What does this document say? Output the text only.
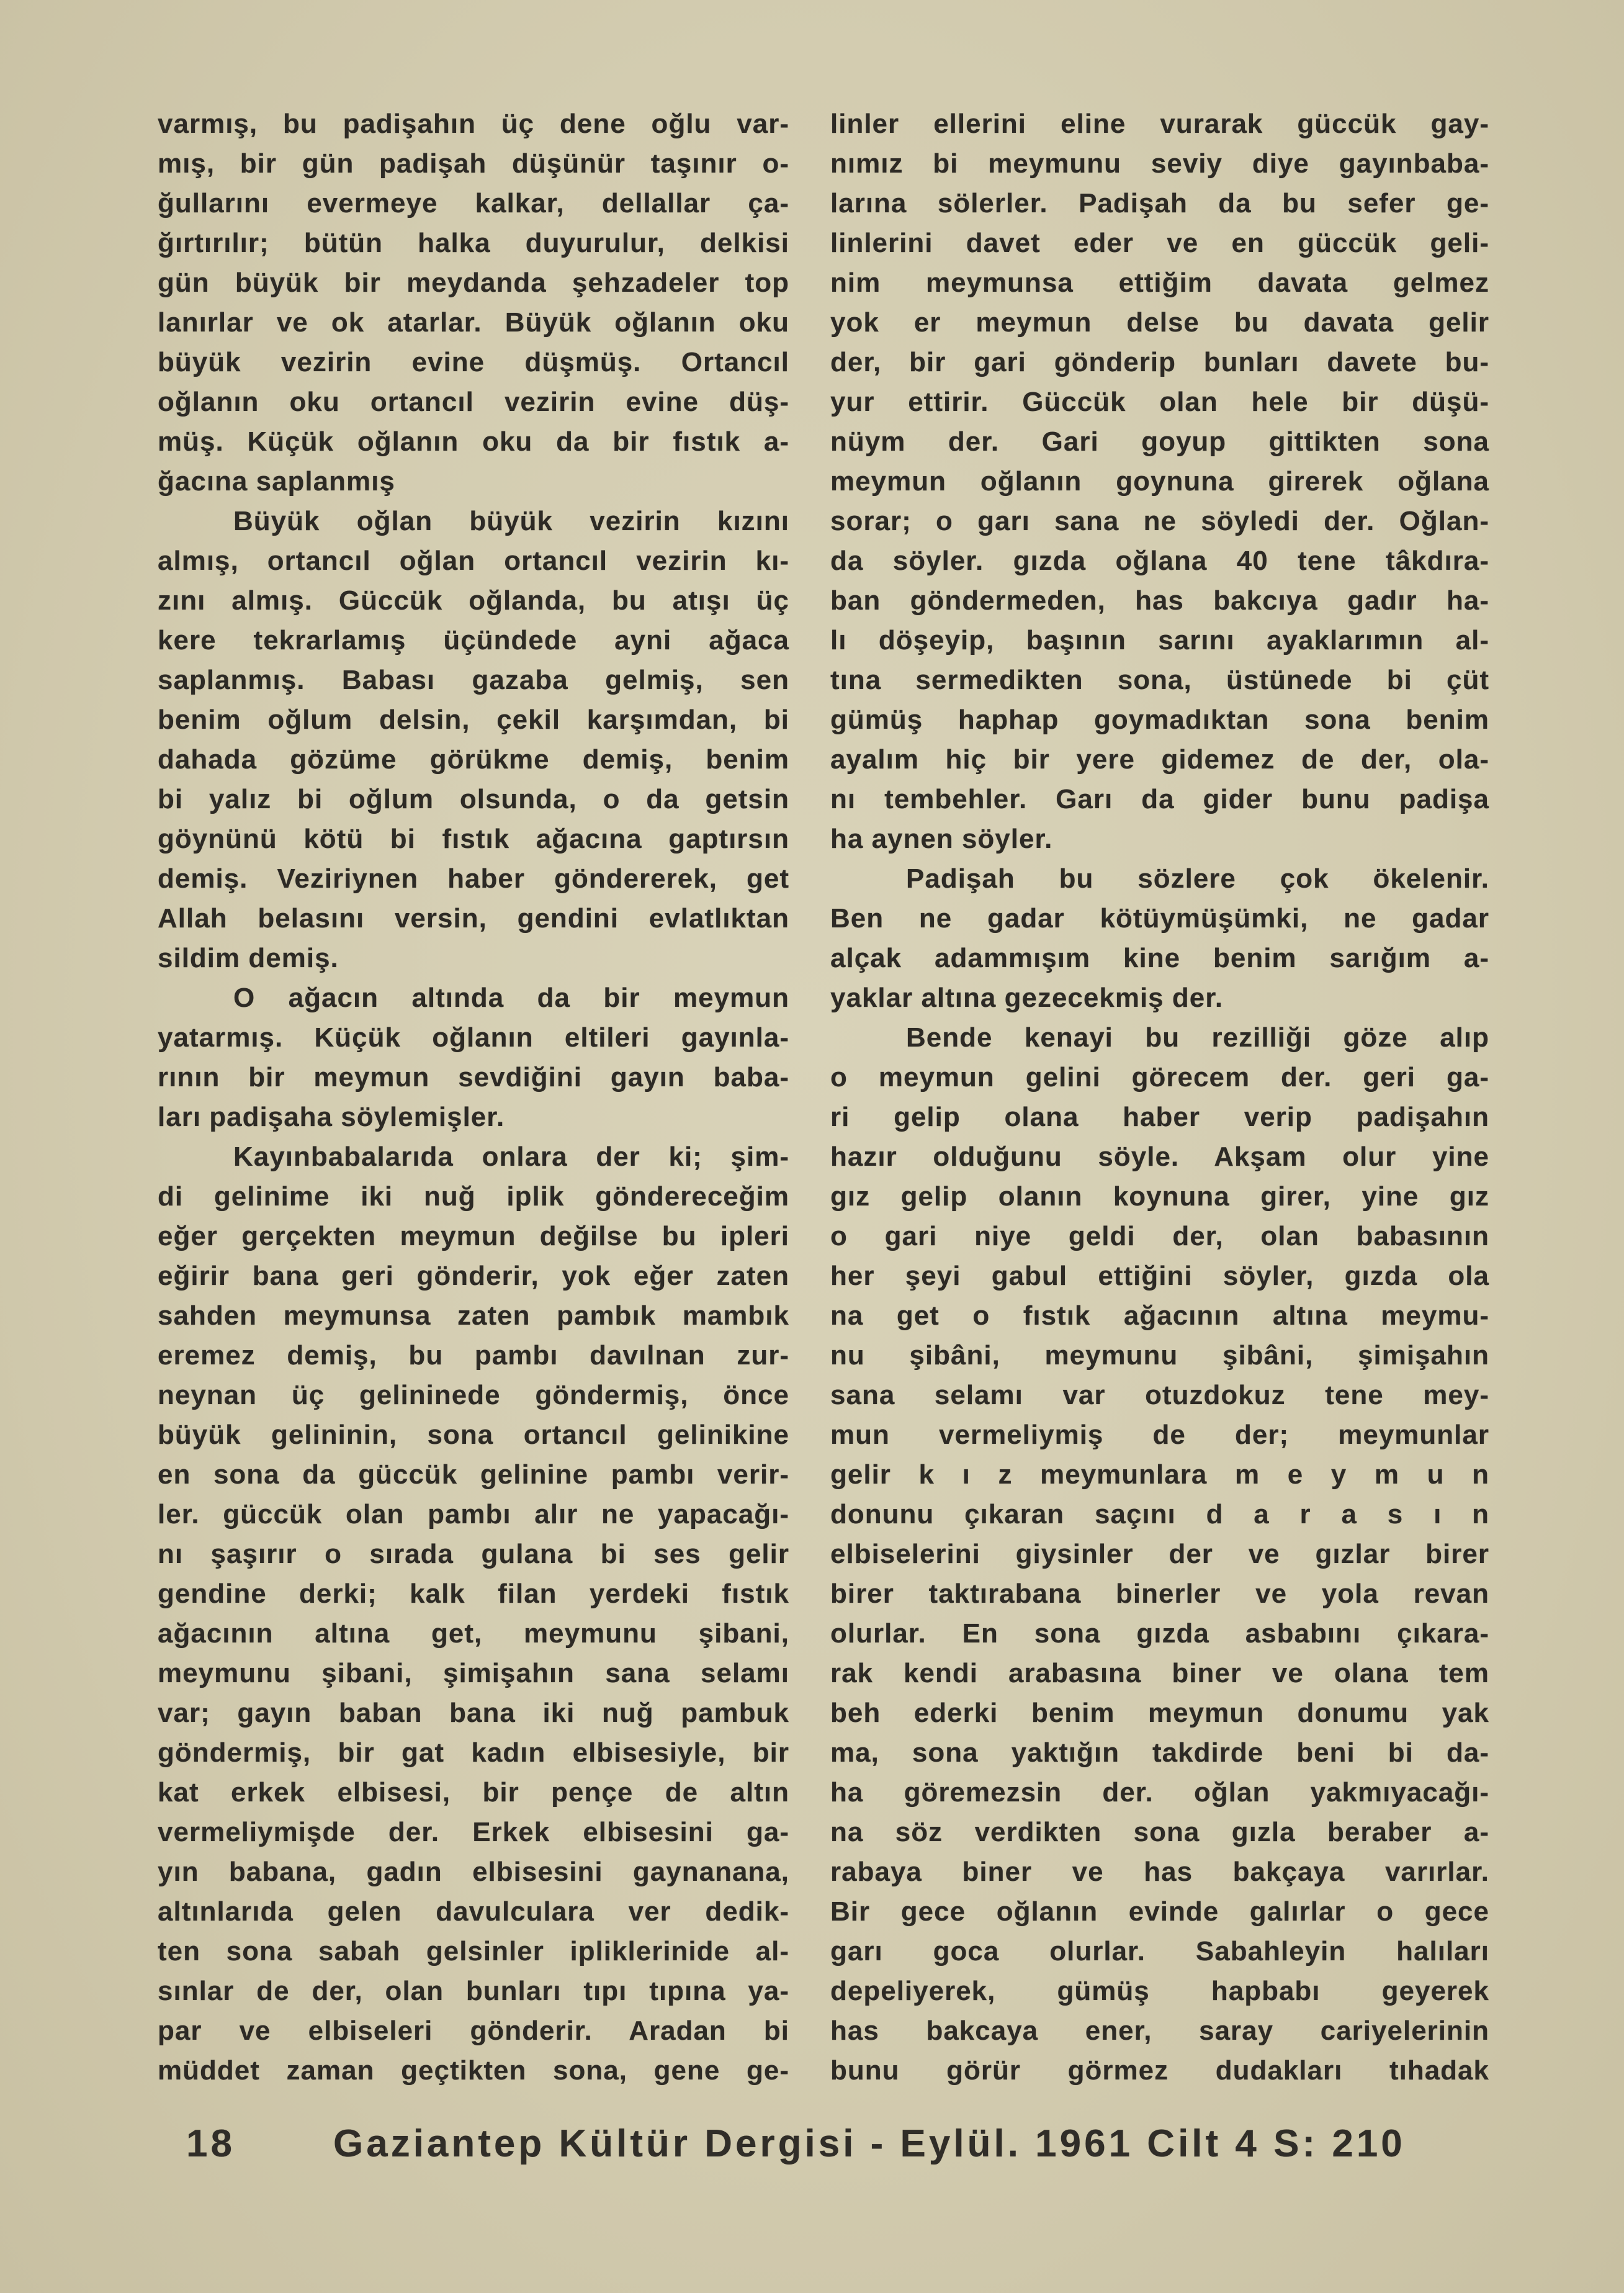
varmış, bu padişahın üç dene oğlu var-
mış, bir gün padişah düşünür taşınır o-
ğullarını evermeye kalkar, dellallar ça-
ğırtırılır; bütün halka duyurulur, delkisi
gün büyük bir meydanda şehzadeler top
lanırlar ve ok atarlar. Büyük oğlanın oku
büyük vezirin evine düşmüş. Ortancıl
oğlanın oku ortancıl vezirin evine düş-
müş. Küçük oğlanın oku da bir fıstık a-
ğacına saplanmış
Büyük oğlan büyük vezirin kızını
almış, ortancıl oğlan ortancıl vezirin kı-
zını almış. Güccük oğlanda, bu atışı üç
kere tekrarlamış üçündede ayni ağaca
saplanmış. Babası gazaba gelmiş, sen
benim oğlum delsin, çekil karşımdan, bi
dahada gözüme görükme demiş, benim
bi yalız bi oğlum olsunda, o da getsin
göynünü kötü bi fıstık ağacına gaptırsın
demiş. Veziriynen haber göndererek, get
Allah belasını versin, gendini evlatlıktan
sildim demiş.
O ağacın altında da bir meymun
yatarmış. Küçük oğlanın eltileri gayınla-
rının bir meymun sevdiğini gayın baba-
ları padişaha söylemişler.
Kayınbabalarıda onlara der ki; şim-
di gelinime iki nuğ iplik göndereceğim
eğer gerçekten meymun değilse bu ipleri
eğirir bana geri gönderir, yok eğer zaten
sahden meymunsa zaten pambık mambık
eremez demiş, bu pambı davılnan zur-
neynan üç gelininede göndermiş, önce
büyük gelininin, sona ortancıl gelinikine
en sona da güccük gelinine pambı verir-
ler. güccük olan pambı alır ne yapacağı-
nı şaşırır o sırada gulana bi ses gelir
gendine derki; kalk filan yerdeki fıstık
ağacının altına get, meymunu şibani,
meymunu şibani, şimişahın sana selamı
var; gayın baban bana iki nuğ pambuk
göndermiş, bir gat kadın elbisesiyle, bir
kat erkek elbisesi, bir pençe de altın
vermeliymişde der. Erkek elbisesini ga-
yın babana, gadın elbisesini gaynanana,
altınlarıda gelen davulculara ver dedik-
ten sona sabah gelsinler ipliklerinide al-
sınlar de der, olan bunları tıpı tıpına ya-
par ve elbiseleri gönderir. Aradan bi
müddet zaman geçtikten sona, gene ge-
linler ellerini eline vurarak güccük gay-
nımız bi meymunu seviy diye gayınbaba-
larına sölerler. Padişah da bu sefer ge-
linlerini davet eder ve en güccük geli-
nim meymunsa ettiğim davata gelmez
yok er meymun delse bu davata gelir
der, bir gari gönderip bunları davete bu-
yur ettirir. Güccük olan hele bir düşü-
nüym der. Gari goyup gittikten sona
meymun oğlanın goynuna girerek oğlana
sorar; o garı sana ne söyledi der. Oğlan-
da söyler. gızda oğlana 40 tene tâkdıra-
ban göndermeden, has bakcıya gadır ha-
lı döşeyip, başının sarını ayaklarımın al-
tına sermedikten sona, üstünede bi çüt
gümüş haphap goymadıktan sona benim
ayalım hiç bir yere gidemez de der, ola-
nı tembehler. Garı da gider bunu padişa
ha aynen söyler.
Padişah bu sözlere çok ökelenir.
Ben ne gadar kötüymüşümki, ne gadar
alçak adammışım kine benim sarığım a-
yaklar altına gezecekmiş der.
Bende kenayi bu rezilliği göze alıp
o meymun gelini görecem der. geri ga-
ri gelip olana haber verip padişahın
hazır olduğunu söyle. Akşam olur yine
gız gelip olanın koynuna girer, yine gız
o gari niye geldi der, olan babasının
her şeyi gabul ettiğini söyler, gızda ola
na get o fıstık ağacının altına meymu-
nu şibâni, meymunu şibâni, şimişahın
sana selamı var otuzdokuz tene mey-
mun vermeliymiş de der; meymunlar
gelir k ı z meymunlara m e y m u n
donunu çıkaran saçını d a r a s ı n
elbiselerini giysinler der ve gızlar birer
birer taktırabana binerler ve yola revan
olurlar. En sona gızda asbabını çıkara-
rak kendi arabasına biner ve olana tem
beh ederki benim meymun donumu yak
ma, sona yaktığın takdirde beni bi da-
ha göremezsin der. oğlan yakmıyacağı-
na söz verdikten sona gızla beraber a-
rabaya biner ve has bakçaya varırlar.
Bir gece oğlanın evinde galırlar o gece
garı goca olurlar. Sabahleyin halıları
depeliyerek, gümüş hapbabı geyerek
has bakcaya ener, saray cariyelerinin
bunu görür görmez dudakları tıhadak
18	Gaziantep Kültür Dergisi - Eylül. 1961 Cilt 4 S: 210
